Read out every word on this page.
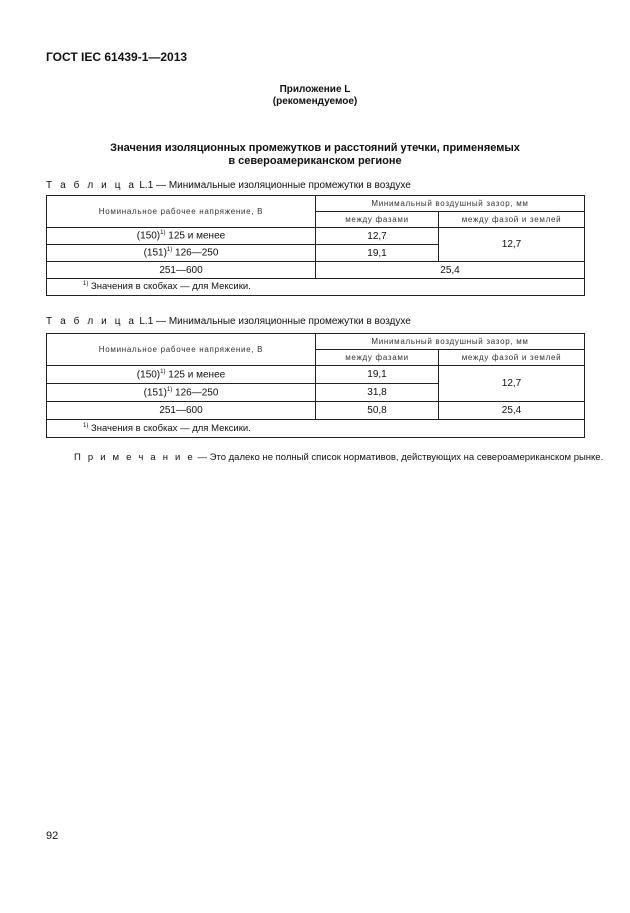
ГОСТ IEC 61439-1—2013
Приложение L
(рекомендуемое)
Значения изоляционных промежутков и расстояний утечки, применяемых
в североамериканском регионе
Т а б л и ц а L.1 — Минимальные изоляционные промежутки в воздухе
Номинальное рабочее напряжение, В	Минимальный воздушный зазор, мм	
	между фазами	между фазой и землей
$(150)^{1)}$ 125 и менее	12,7	12,7
$(151)^{1)}$ 126—250	19,1	
251—600	25,4	
$^{1)}$ Значения в скобках — для Мексики.		
Т а б л и ц а L.1 — Минимальные изоляционные промежутки в воздухе
Номинальное рабочее напряжение, В	Минимальный воздушный зазор, мм	
	между фазами	между фазой и землей
$(150)^{1)}$ 125 и менее	19,1	12,7
$(151)^{1)}$ 126—250	31,8	
251—600	50,8	25,4
$^{1)}$ Значения в скобках — для Мексики.		
П р и м е ч а н и е — Это далеко не полный список нормативов, действующих на североамериканском рынке.
92
